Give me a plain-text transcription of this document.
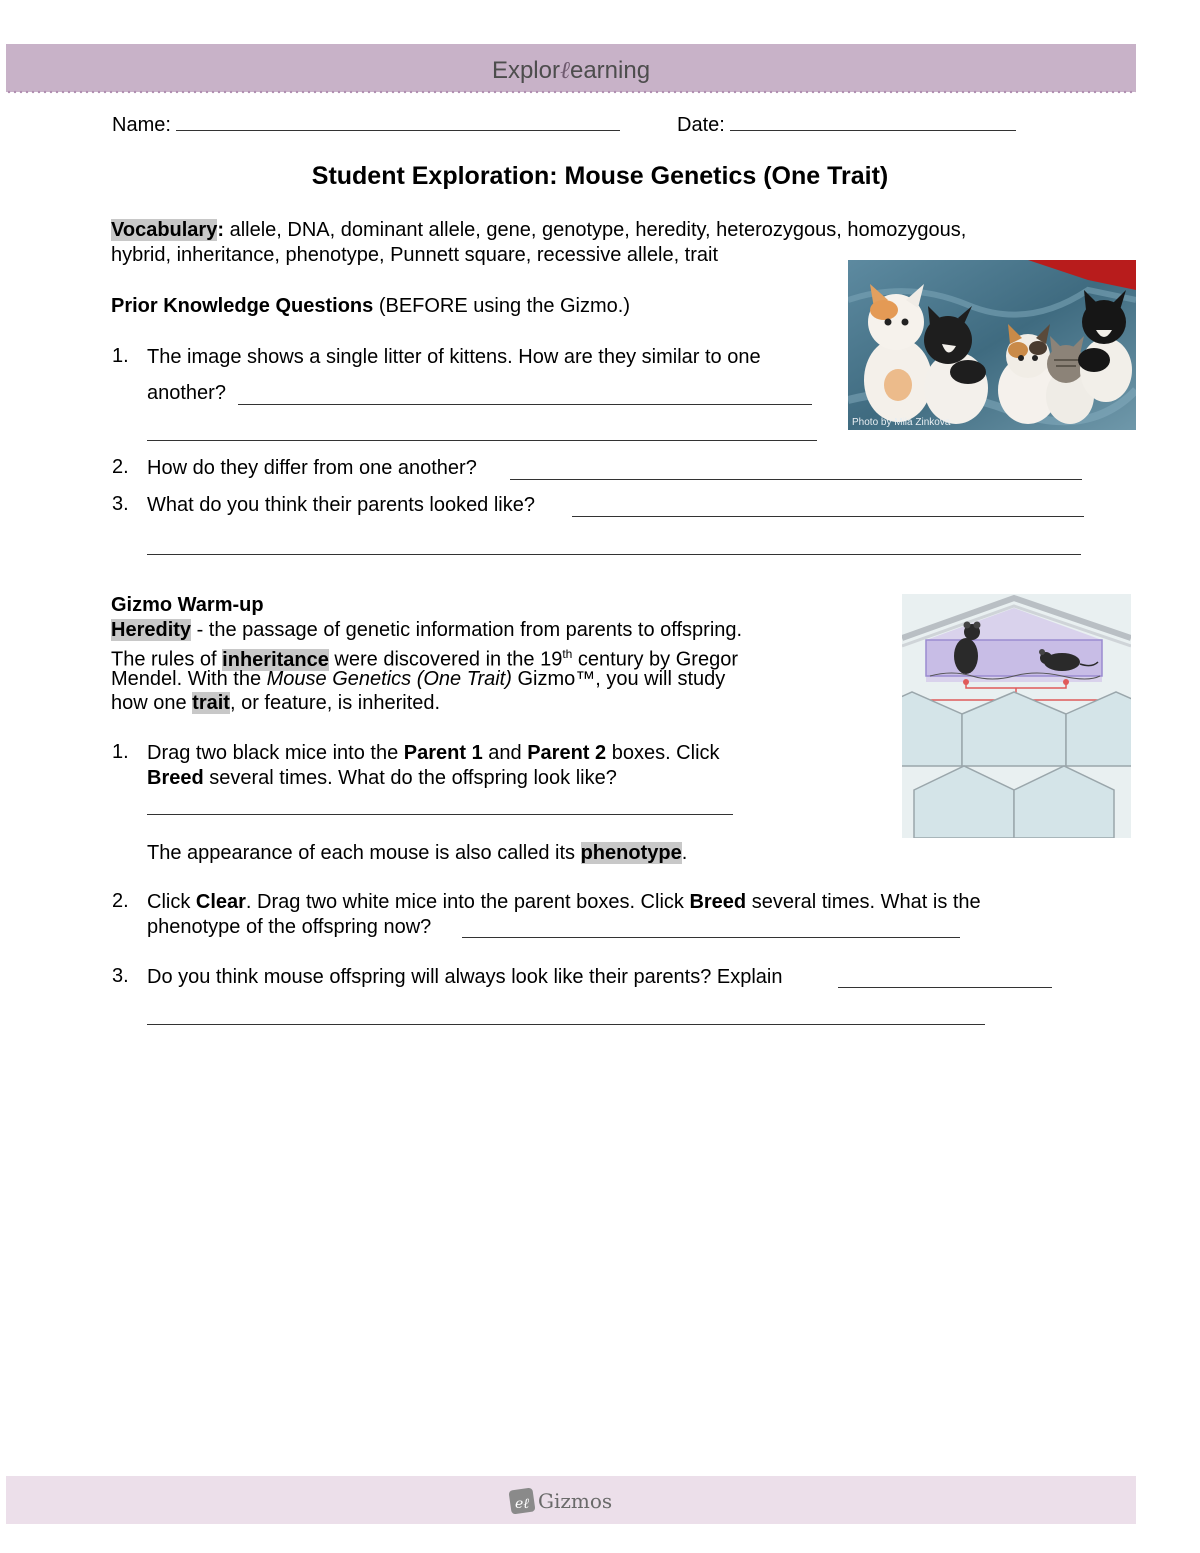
Explorℓearning
Name:	Date:
Student Exploration: Mouse Genetics (One Trait)
Vocabulary: allele, DNA, dominant allele, gene, genotype, heredity, heterozygous, homozygous,
hybrid, inheritance, phenotype, Punnett square, recessive allele, trait
Photo by Mila Zinkova
Prior Knowledge Questions (BEFORE using the Gizmo.)
1. The image shows a single litter of kittens. How are they similar to one
another?
2. How do they differ from one another?
3. What do you think their parents looked like?
Gizmo Warm-up
Heredity - the passage of genetic information from parents to offspring.
The rules of inheritance were discovered in the 19th century by Gregor
Mendel. With the Mouse Genetics (One Trait) Gizmo™, you will study
how one trait, or feature, is inherited.
1. Drag two black mice into the Parent 1 and Parent 2 boxes. Click
Breed several times. What do the offspring look like?
The appearance of each mouse is also called its phenotype.
2. Click Clear. Drag two white mice into the parent boxes. Click Breed several times. What is the
phenotype of the offspring now?
3. Do you think mouse offspring will always look like their parents? Explain
eℓ Gizmos
